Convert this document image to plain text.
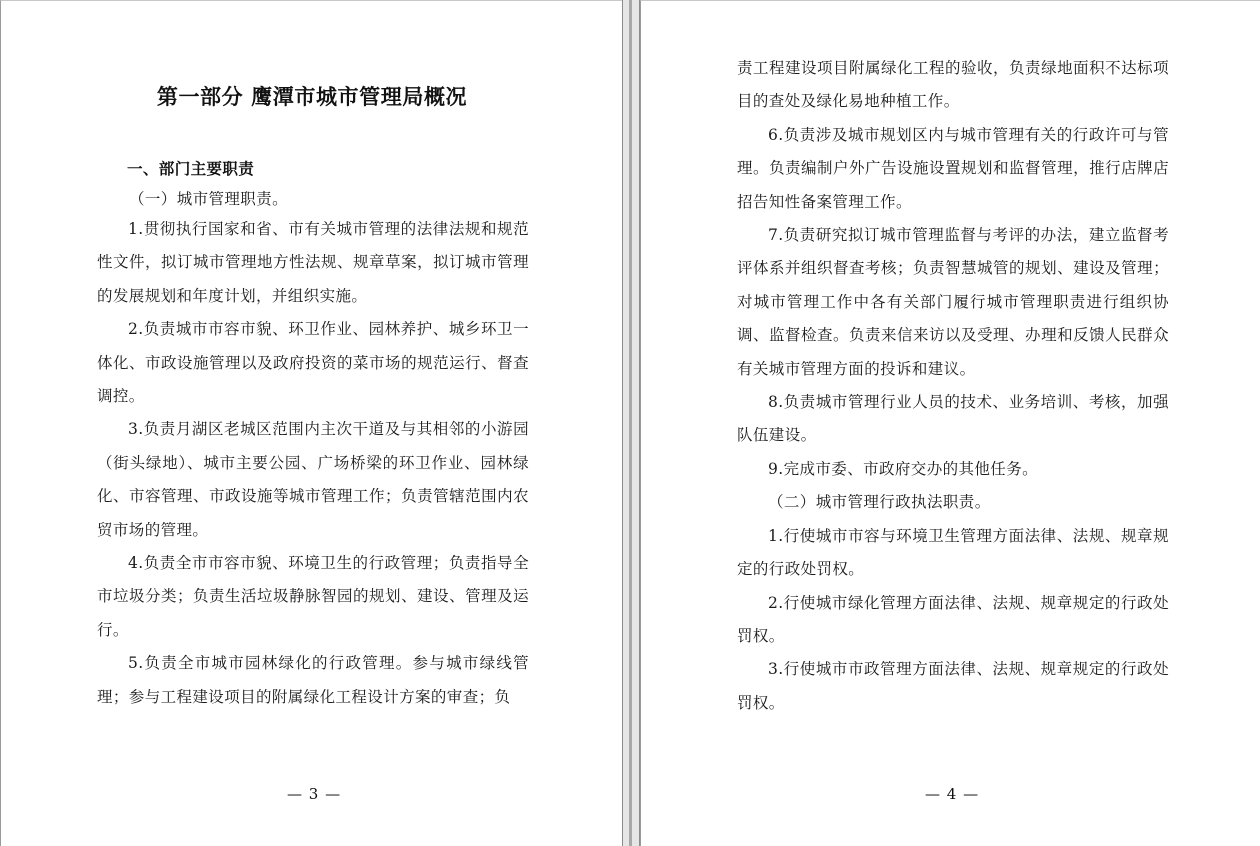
第一部分 鹰潭市城市管理局概况
一、部门主要职责
（一）城市管理职责。

1.贯彻执行国家和省、市有关城市管理的法律法规和规范性文件，拟订城市管理地方性法规、规章草案，拟订城市管理的发展规划和年度计划，并组织实施。

2.负责城市市容市貌、环卫作业、园林养护、城乡环卫一体化、市政设施管理以及政府投资的菜市场的规范运行、督查调控。

3.负责月湖区老城区范围内主次干道及与其相邻的小游园（街头绿地）、城市主要公园、广场桥梁的环卫作业、园林绿化、市容管理、市政设施等城市管理工作；负责管辖范围内农贸市场的管理。

4.负责全市市容市貌、环境卫生的行政管理；负责指导全市垃圾分类；负责生活垃圾静脉智园的规划、建设、管理及运行。

5.负责全市城市园林绿化的行政管理。参与城市绿线管理；参与工程建设项目的附属绿化工程设计方案的审查；负

— 3 —

责工程建设项目附属绿化工程的验收，负责绿地面积不达标项目的查处及绿化易地种植工作。

6.负责涉及城市规划区内与城市管理有关的行政许可与管理。负责编制户外广告设施设置规划和监督管理，推行店牌店招告知性备案管理工作。

7.负责研究拟订城市管理监督与考评的办法，建立监督考评体系并组织督查考核；负责智慧城管的规划、建设及管理；对城市管理工作中各有关部门履行城市管理职责进行组织协调、监督检查。负责来信来访以及受理、办理和反馈人民群众有关城市管理方面的投诉和建议。

8.负责城市管理行业人员的技术、业务培训、考核，加强队伍建设。

9.完成市委、市政府交办的其他任务。

（二）城市管理行政执法职责。

1.行使城市市容与环境卫生管理方面法律、法规、规章规定的行政处罚权。

2.行使城市绿化管理方面法律、法规、规章规定的行政处罚权。

3.行使城市市政管理方面法律、法规、规章规定的行政处罚权。

— 4 —
